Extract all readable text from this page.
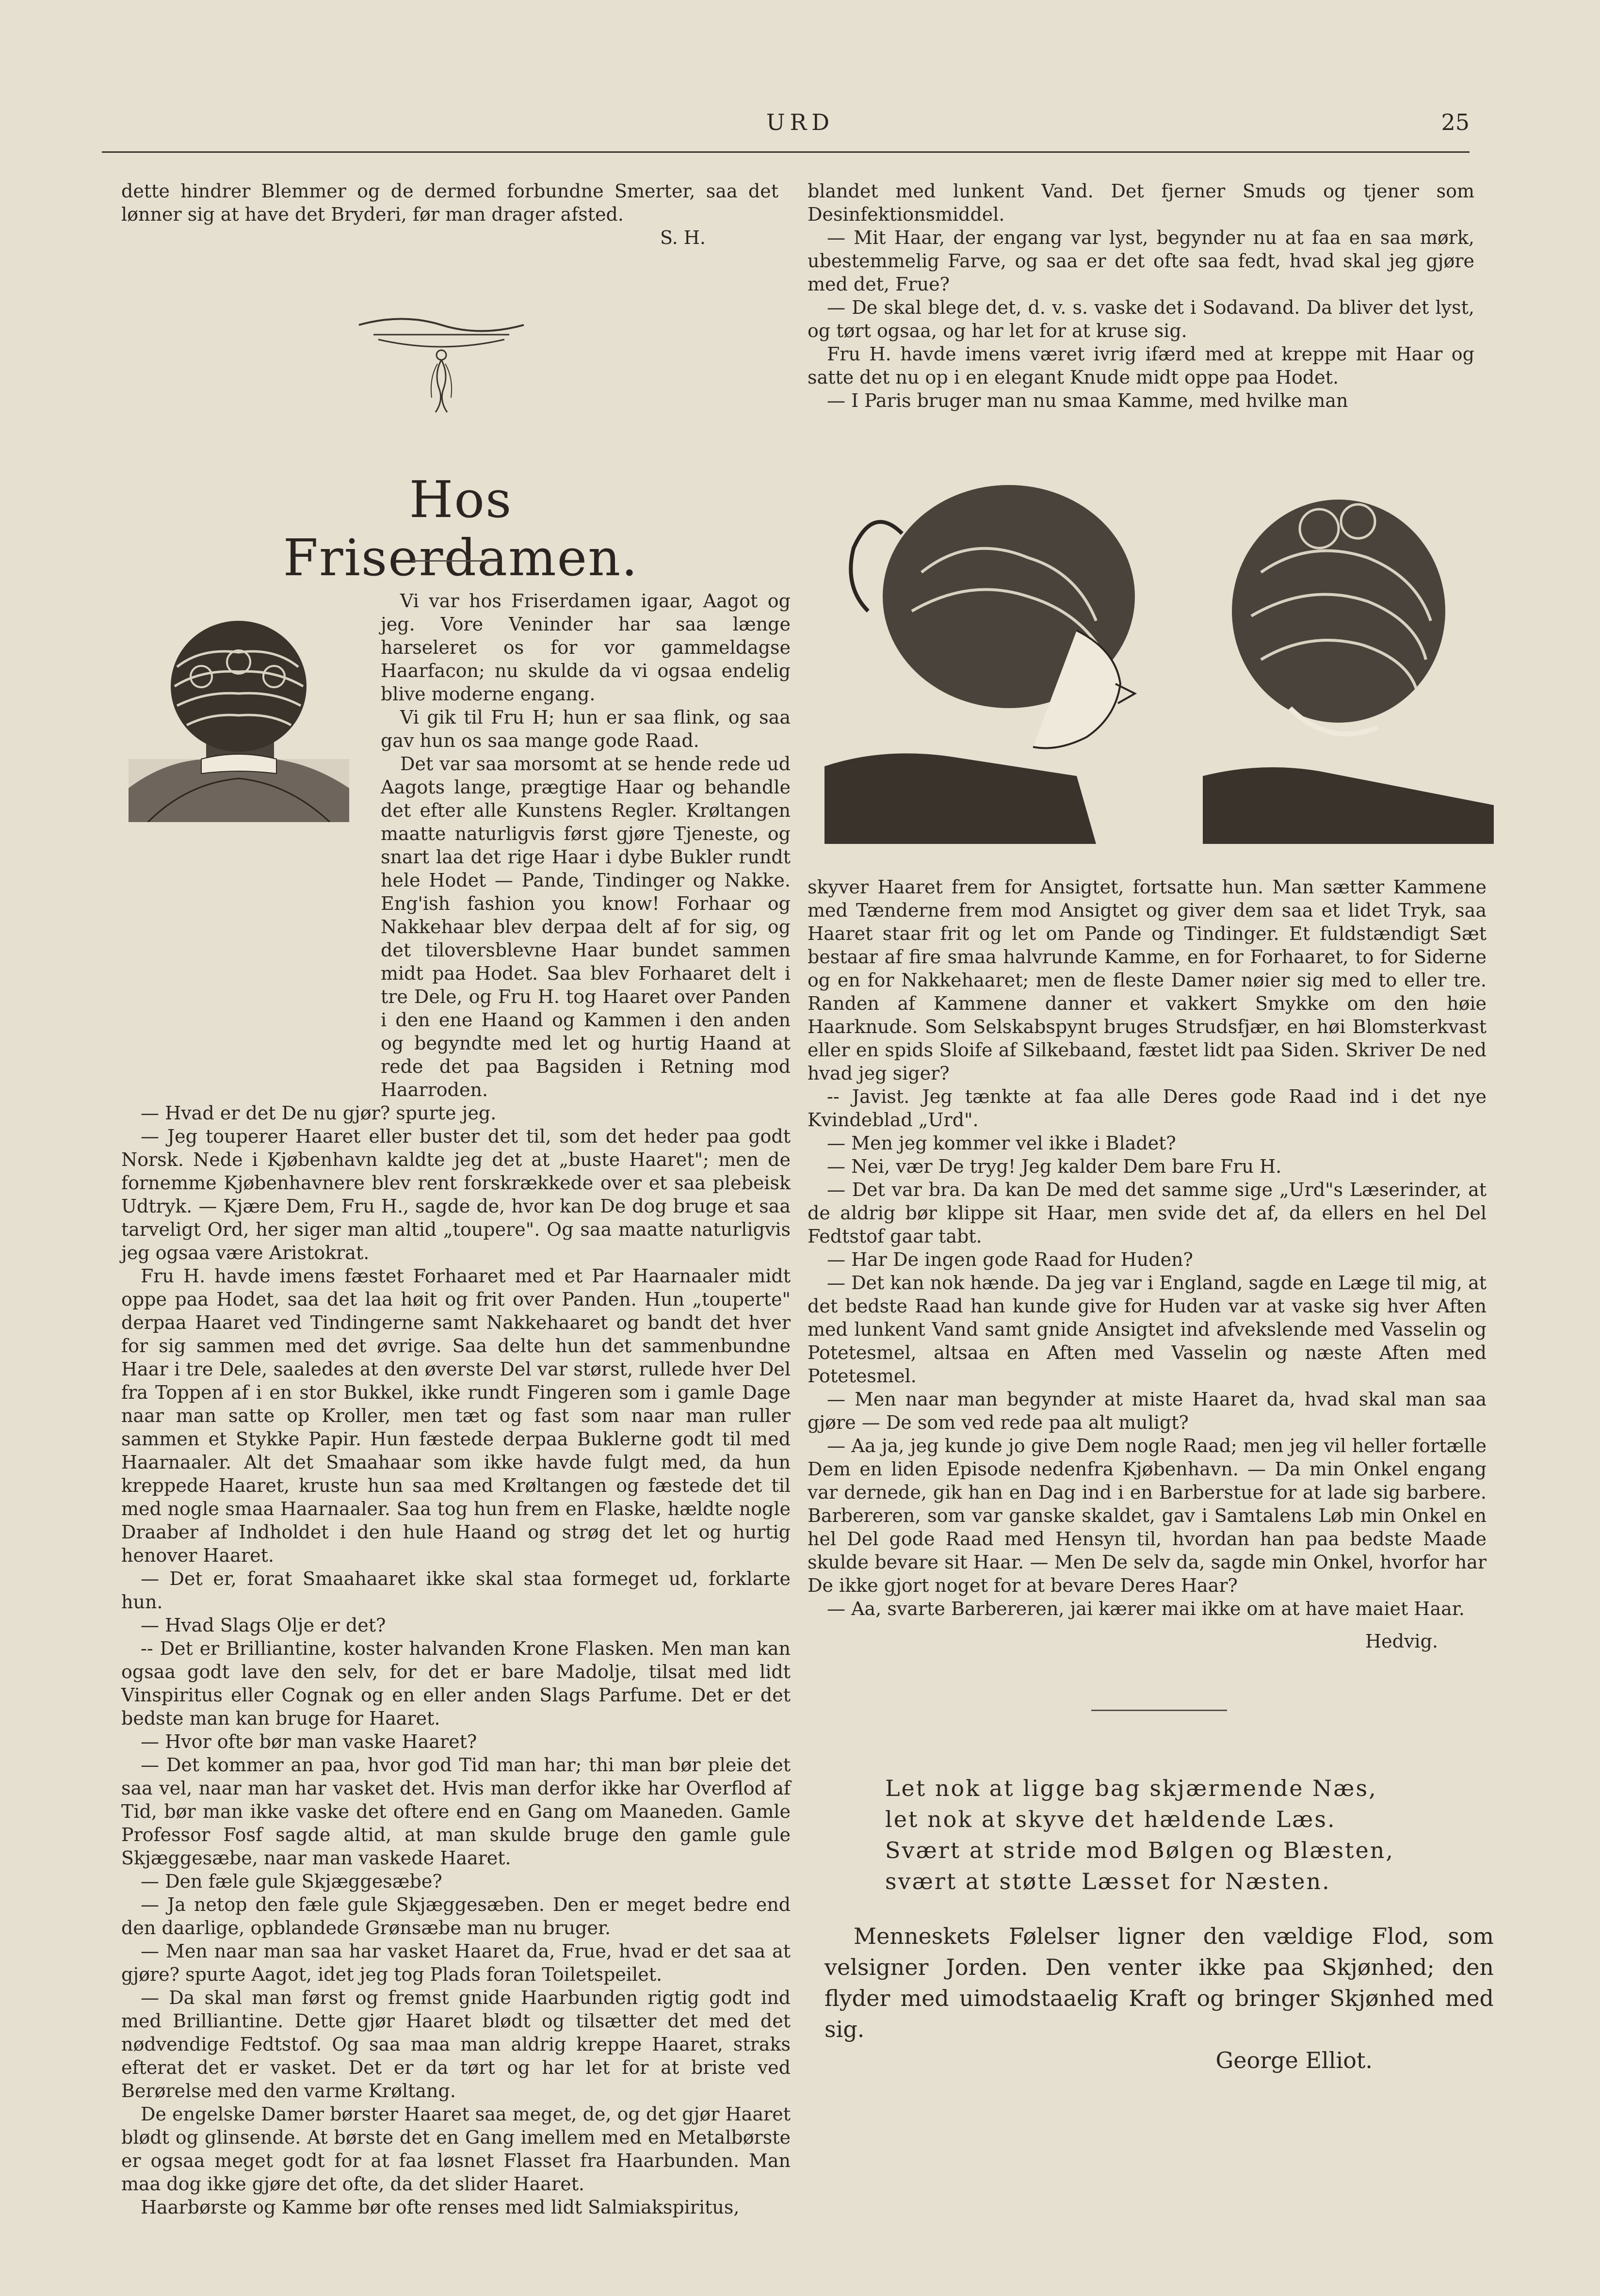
URD	25

dette hindrer Blemmer og de dermed forbundne Smerter, saa det lønner sig at have det Bryderi, før man drager afsted.

S. H.

Hos Friserdamen.

Vi var hos Friserdamen igaar, Aagot og jeg. Vore Veninder har saa længe harseleret os for vor gammeldagse Haarfacon; nu skulde da vi ogsaa endelig blive moderne engang.

Vi gik til Fru H; hun er saa flink, og saa gav hun os saa mange gode Raad.

Det var saa morsomt at se hende rede ud Aagots lange, prægtige Haar og behandle det efter alle Kunstens Regler. Krøltangen maatte naturligvis først gjøre Tjeneste, og snart laa det rige Haar i dybe Bukler rundt hele Hodet — Pande, Tindinger og Nakke. Eng'ish fashion you know! Forhaar og Nakkehaar blev derpaa delt af for sig, og det tiloversblevne Haar bundet sammen midt paa Hodet. Saa blev Forhaaret delt i tre Dele, og Fru H. tog Haaret over Panden i den ene Haand og Kammen i den anden og begyndte med let og hurtig Haand at rede det paa Bagsiden i Retning mod Haarroden.

— Hvad er det De nu gjør? spurte jeg.

— Jeg touperer Haaret eller buster det til, som det heder paa godt Norsk. Nede i Kjøbenhavn kaldte jeg det at „buste Haaret"; men de fornemme Kjøbenhavnere blev rent forskrækkede over et saa plebeisk Udtryk. — Kjære Dem, Fru H., sagde de, hvor kan De dog bruge et saa tarveligt Ord, her siger man altid „toupere". Og saa maatte naturligvis jeg ogsaa være Aristokrat.

Fru H. havde imens fæstet Forhaaret med et Par Haarnaaler midt oppe paa Hodet, saa det laa høit og frit over Panden. Hun „touperte" derpaa Haaret ved Tindingerne samt Nakkehaaret og bandt det hver for sig sammen med det øvrige. Saa delte hun det sammenbundne Haar i tre Dele, saaledes at den øverste Del var størst, rullede hver Del fra Toppen af i en stor Bukkel, ikke rundt Fingeren som i gamle Dage naar man satte op Kroller, men tæt og fast som naar man ruller sammen et Stykke Papir. Hun fæstede derpaa Buklerne godt til med Haarnaaler. Alt det Smaahaar som ikke havde fulgt med, da hun kreppede Haaret, kruste hun saa med Krøltangen og fæstede det til med nogle smaa Haarnaaler. Saa tog hun frem en Flaske, hældte nogle Draaber af Indholdet i den hule Haand og strøg det let og hurtig henover Haaret.

— Det er, forat Smaahaaret ikke skal staa formeget ud, forklarte hun.

— Hvad Slags Olje er det?

-- Det er Brilliantine, koster halvanden Krone Flasken. Men man kan ogsaa godt lave den selv, for det er bare Madolje, tilsat med lidt Vinspiritus eller Cognak og en eller anden Slags Parfume. Det er det bedste man kan bruge for Haaret.

— Hvor ofte bør man vaske Haaret?

— Det kommer an paa, hvor god Tid man har; thi man bør pleie det saa vel, naar man har vasket det. Hvis man derfor ikke har Overflod af Tid, bør man ikke vaske det oftere end en Gang om Maaneden. Gamle Professor Fosf sagde altid, at man skulde bruge den gamle gule Skjæggesæbe, naar man vaskede Haaret.

— Den fæle gule Skjæggesæbe?

— Ja netop den fæle gule Skjæggesæben. Den er meget bedre end den daarlige, opblandede Grønsæbe man nu bruger.

— Men naar man saa har vasket Haaret da, Frue, hvad er det saa at gjøre? spurte Aagot, idet jeg tog Plads foran Toiletspeilet.

— Da skal man først og fremst gnide Haarbunden rigtig godt ind med Brilliantine. Dette gjør Haaret blødt og tilsætter det med det nødvendige Fedtstof. Og saa maa man aldrig kreppe Haaret, straks efterat det er vasket. Det er da tørt og har let for at briste ved Berørelse med den varme Krøltang.

De engelske Damer børster Haaret saa meget, de, og det gjør Haaret blødt og glinsende. At børste det en Gang imellem med en Metalbørste er ogsaa meget godt for at faa løsnet Flasset fra Haarbunden. Man maa dog ikke gjøre det ofte, da det slider Haaret.

Haarbørste og Kamme bør ofte renses med lidt Salmiakspiritus,

blandet med lunkent Vand. Det fjerner Smuds og tjener som Desinfektionsmiddel.

— Mit Haar, der engang var lyst, begynder nu at faa en saa mørk, ubestemmelig Farve, og saa er det ofte saa fedt, hvad skal jeg gjøre med det, Frue?

— De skal blege det, d. v. s. vaske det i Sodavand. Da bliver det lyst, og tørt ogsaa, og har let for at kruse sig.

Fru H. havde imens været ivrig ifærd med at kreppe mit Haar og satte det nu op i en elegant Knude midt oppe paa Hodet.

— I Paris bruger man nu smaa Kamme, med hvilke man

skyver Haaret frem for Ansigtet, fortsatte hun. Man sætter Kammene med Tænderne frem mod Ansigtet og giver dem saa et lidet Tryk, saa Haaret staar frit og let om Pande og Tindinger. Et fuldstændigt Sæt bestaar af fire smaa halvrunde Kamme, en for Forhaaret, to for Siderne og en for Nakkehaaret; men de fleste Damer nøier sig med to eller tre. Randen af Kammene danner et vakkert Smykke om den høie Haarknude. Som Selskabspynt bruges Strudsfjær, en høi Blomsterkvast eller en spids Sloife af Silkebaand, fæstet lidt paa Siden. Skriver De ned hvad jeg siger?

-- Javist. Jeg tænkte at faa alle Deres gode Raad ind i det nye Kvindeblad „Urd".

— Men jeg kommer vel ikke i Bladet?

— Nei, vær De tryg! Jeg kalder Dem bare Fru H.

— Det var bra. Da kan De med det samme sige „Urd"s Læserinder, at de aldrig bør klippe sit Haar, men svide det af, da ellers en hel Del Fedtstof gaar tabt.

— Har De ingen gode Raad for Huden?

— Det kan nok hænde. Da jeg var i England, sagde en Læge til mig, at det bedste Raad han kunde give for Huden var at vaske sig hver Aften med lunkent Vand samt gnide Ansigtet ind afvekslende med Vasselin og Potetesmel, altsaa en Aften med Vasselin og næste Aften med Potetesmel.

— Men naar man begynder at miste Haaret da, hvad skal man saa gjøre — De som ved rede paa alt muligt?

— Aa ja, jeg kunde jo give Dem nogle Raad; men jeg vil heller fortælle Dem en liden Episode nedenfra Kjøbenhavn. — Da min Onkel engang var dernede, gik han en Dag ind i en Barberstue for at lade sig barbere. Barbereren, som var ganske skaldet, gav i Samtalens Løb min Onkel en hel Del gode Raad med Hensyn til, hvordan han paa bedste Maade skulde bevare sit Haar. — Men De selv da, sagde min Onkel, hvorfor har De ikke gjort noget for at bevare Deres Haar?

— Aa, svarte Barbereren, jai kærer mai ikke om at have maiet Haar.

Hedvig.

Let nok at ligge bag skjærmende Næs,
let nok at skyve det hældende Læs.
Svært at stride mod Bølgen og Blæsten,
svært at støtte Læsset for Næsten.
Menneskets Følelser ligner den vældige Flod, som velsigner Jorden. Den venter ikke paa Skjønhed; den flyder med uimodstaaelig Kraft og bringer Skjønhed med sig.
George Elliot.
